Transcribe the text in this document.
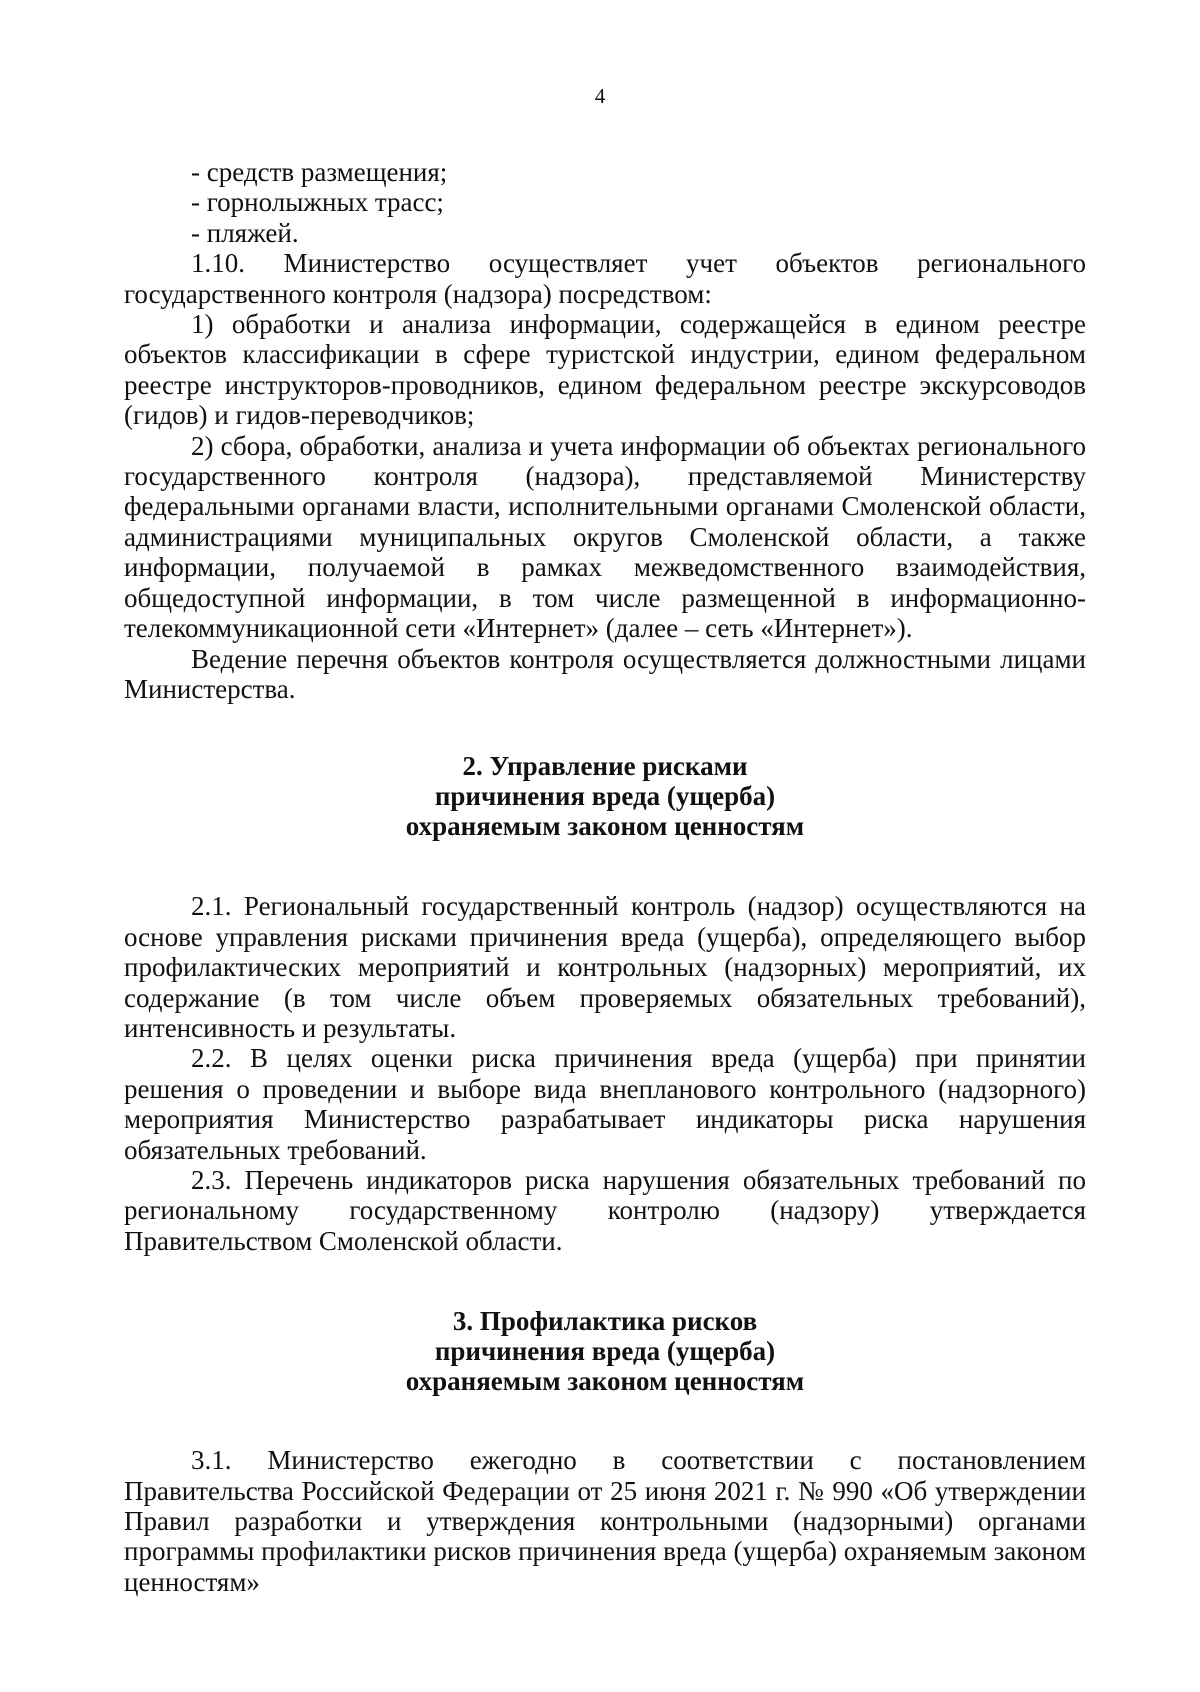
4

- средств размещения;

- горнолыжных трасс;

- пляжей.

1.10. Министерство осуществляет учет объектов регионального государственного контроля (надзора) посредством:

1) обработки и анализа информации, содержащейся в едином реестре объектов классификации в сфере туристской индустрии, едином федеральном реестре инструкторов-проводников, едином федеральном реестре экскурсоводов (гидов) и гидов-переводчиков;

2) сбора, обработки, анализа и учета информации об объектах регионального государственного контроля (надзора), представляемой Министерству федеральными органами власти, исполнительными органами Смоленской области, администрациями муниципальных округов Смоленской области, а также информации, получаемой в рамках межведомственного взаимодействия, общедоступной информации, в том числе размещенной в информационно-телекоммуникационной сети «Интернет» (далее – сеть «Интернет»).

Ведение перечня объектов контроля осуществляется должностными лицами Министерства.

2. Управление рисками
причинения вреда (ущерба)
охраняемым законом ценностям

2.1. Региональный государственный контроль (надзор) осуществляются на основе управления рисками причинения вреда (ущерба), определяющего выбор профилактических мероприятий и контрольных (надзорных) мероприятий, их содержание (в том числе объем проверяемых обязательных требований), интенсивность и результаты.

2.2. В целях оценки риска причинения вреда (ущерба) при принятии решения о проведении и выборе вида внепланового контрольного (надзорного) мероприятия Министерство разрабатывает индикаторы риска нарушения обязательных требований.

2.3. Перечень индикаторов риска нарушения обязательных требований по региональному государственному контролю (надзору) утверждается Правительством Смоленской области.

3. Профилактика рисков
причинения вреда (ущерба)
охраняемым законом ценностям

3.1. Министерство ежегодно в соответствии с постановлением Правительства Российской Федерации от 25 июня 2021 г. № 990 «Об утверждении Правил разработки и утверждения контрольными (надзорными) органами программы профилактики рисков причинения вреда (ущерба) охраняемым законом ценностям»
